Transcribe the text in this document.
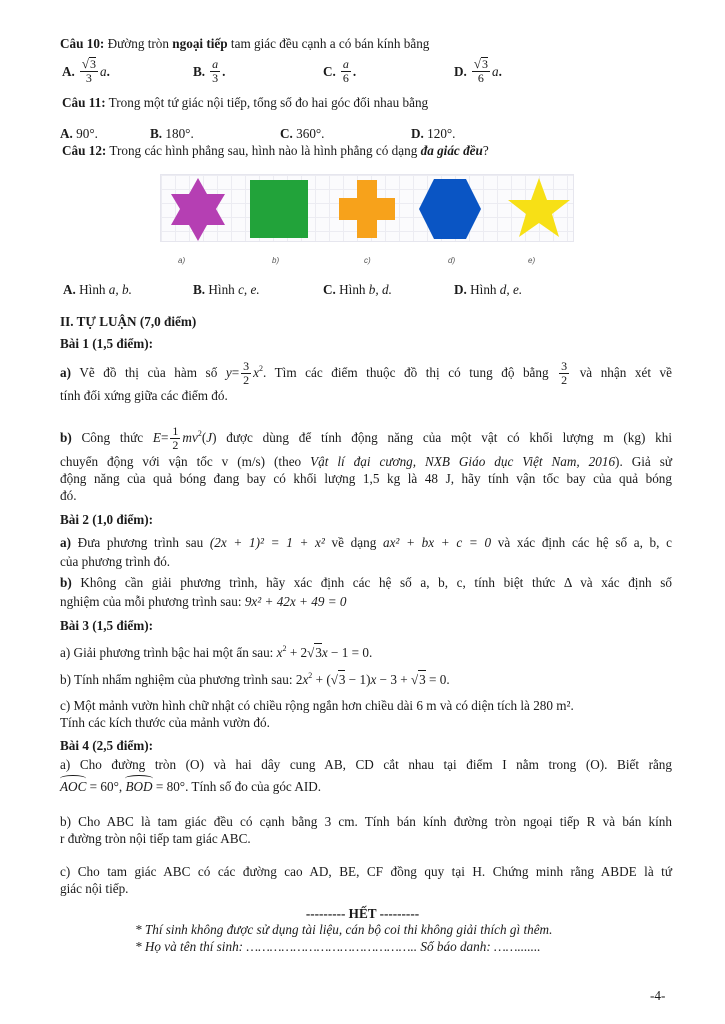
Câu 10: Đường tròn ngoại tiếp tam giác đều cạnh a có bán kính bằng
A. $\frac{√3}{3}$ a .	B. $\frac{a}{3}$ .	C. $\frac{a}{6}$ .	D. $\frac{√3}{6}$ a .
Câu 11: Trong một tứ giác nội tiếp, tổng số đo hai góc đối nhau bằng
A. 90°.	B. 180°.	C. 360°.	D. 120°.
Câu 12: Trong các hình phẳng sau, hình nào là hình phẳng có dạng đa giác đều?
a)	b)	c)	d)	e)
A. Hình a, b.	B. Hình c, e.	C. Hình b, d.	D. Hình d, e.
II. TỰ LUẬN (7,0 điểm)
Bài 1 (1,5 điểm):
a) Vẽ đồ thị của hàm số $y= \frac{3}{2} x^2$. Tìm các điểm thuộc đồ thị có tung độ bằng $\frac{3}{2}$ và nhận xét về
tính đối xứng giữa các điểm đó.
b) Công thức $E= \frac{1}{2} mv^2(J)$ được dùng để tính động năng của một vật có khối lượng m (kg) khi
chuyển động với vận tốc v (m/s) (theo Vật lí đại cương, NXB Giáo dục Việt Nam, 2016). Giả sử
động năng của quả bóng đang bay có khối lượng 1,5 kg là 48 J, hãy tính vận tốc bay của quả bóng
đó.
Bài 2 (1,0 điểm):
a) Đưa phương trình sau (2x + 1)² = 1 + x² về dạng ax² + bx + c = 0 và xác định các hệ số a, b, c
của phương trình đó.
b) Không cần giải phương trình, hãy xác định các hệ số a, b, c, tính biệt thức Δ và xác định số
nghiệm của mỗi phương trình sau: 9x² + 42x + 49 = 0
Bài 3 (1,5 điểm):
a) Giải phương trình bậc hai một ẩn sau: $x^2 + 2√3x - 1 = 0$.
b) Tính nhẩm nghiệm của phương trình sau: $2x^2 + (√3 - 1)x - 3 + √3 = 0$.
c) Một mảnh vườn hình chữ nhật có chiều rộng ngắn hơn chiều dài 6 m và có diện tích là 280 m².
Tính các kích thước của mảnh vườn đó.
Bài 4 (2,5 điểm):
a) Cho đường tròn (O) và hai dây cung AB, CD cắt nhau tại điểm I nằm trong (O). Biết rằng
AOC = 60°, BOD = 80°. Tính số đo của góc AID.
b) Cho ABC là tam giác đều có cạnh bằng 3 cm. Tính bán kính đường tròn ngoại tiếp R và bán kính
r đường tròn nội tiếp tam giác ABC.
c) Cho tam giác ABC có các đường cao AD, BE, CF đồng quy tại H. Chứng minh rằng ABDE là tứ
giác nội tiếp.
--------- HẾT ---------
* Thí sinh không được sử dụng tài liệu, cán bộ coi thi không giải thích gì thêm.
* Họ và tên thí sinh: …………………………………….. Số báo danh: …….......
-4-
